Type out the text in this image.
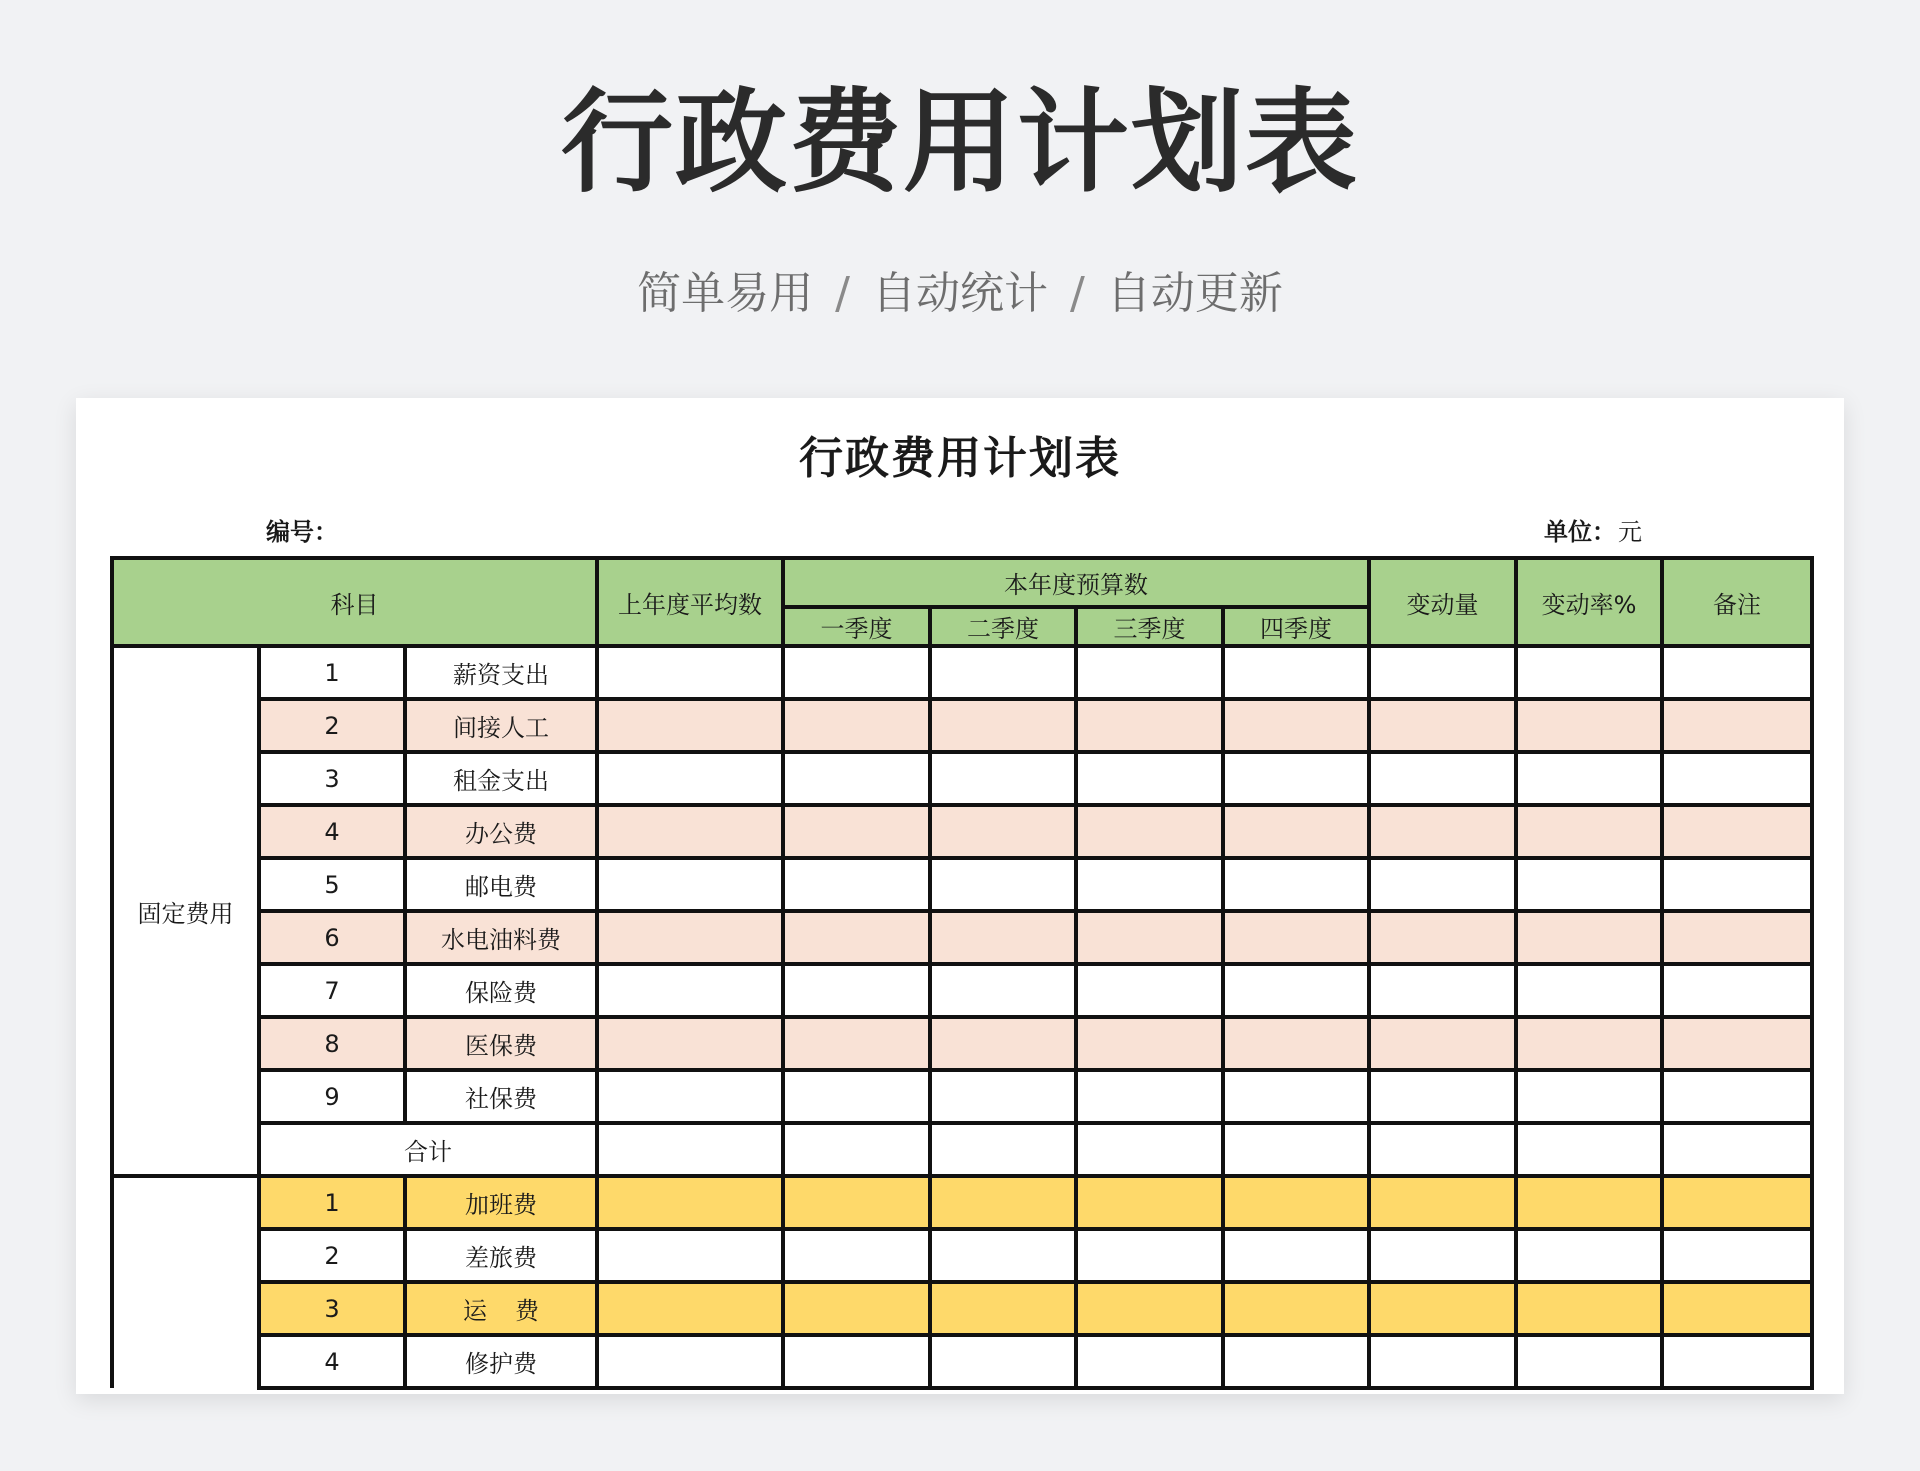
行政费用计划表
简单易用 / 自动统计 / 自动更新
行政费用计划表
编号：	单位：元
科目			上年度平均数	本年度预算数				变动量	变动率%	备注
				一季度	二季度	三季度	四季度			
固定费用	1	薪资支出								
	2	间接人工								
	3	租金支出								
	4	办公费								
	5	邮电费								
	6	水电油料费								
	7	保险费								
	8	医保费								
	9	社保费								
	合计									
	1	加班费								
	2	差旅费								
	3	运费								
	4	修护费								
